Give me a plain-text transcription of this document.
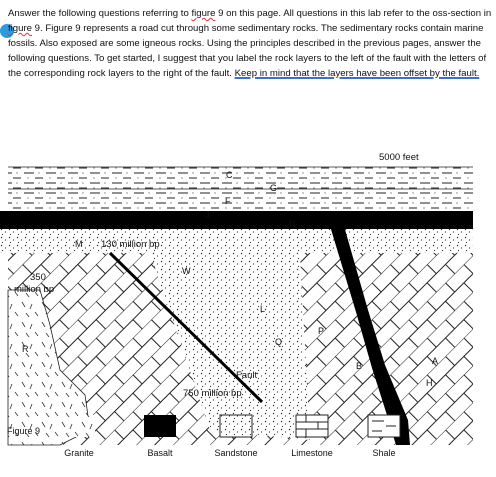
Answer the following questions referring to figure 9 on this page. All questions in this lab refer to the oss-section in figure 9. Figure 9 represents a road cut through some sedimentary rocks. The sedimentary rocks contain marine fossils. Also exposed are some igneous rocks. Using the principles described in the previous pages, answer the following questions. To get started, I suggest that you label the rock layers to the left of the fault with the letters of the corresponding rock layers to the right of the fault. Keep in mind that the layers have been offset by the fault.

5000 feet
C
G
F
J
H
M 130 million bp
W
350
million bp
L
P
Q
R
Fault
750 million bp
B	A
H
Figure 9
Granite	Basalt	Sandstone	Limestone	Shale
